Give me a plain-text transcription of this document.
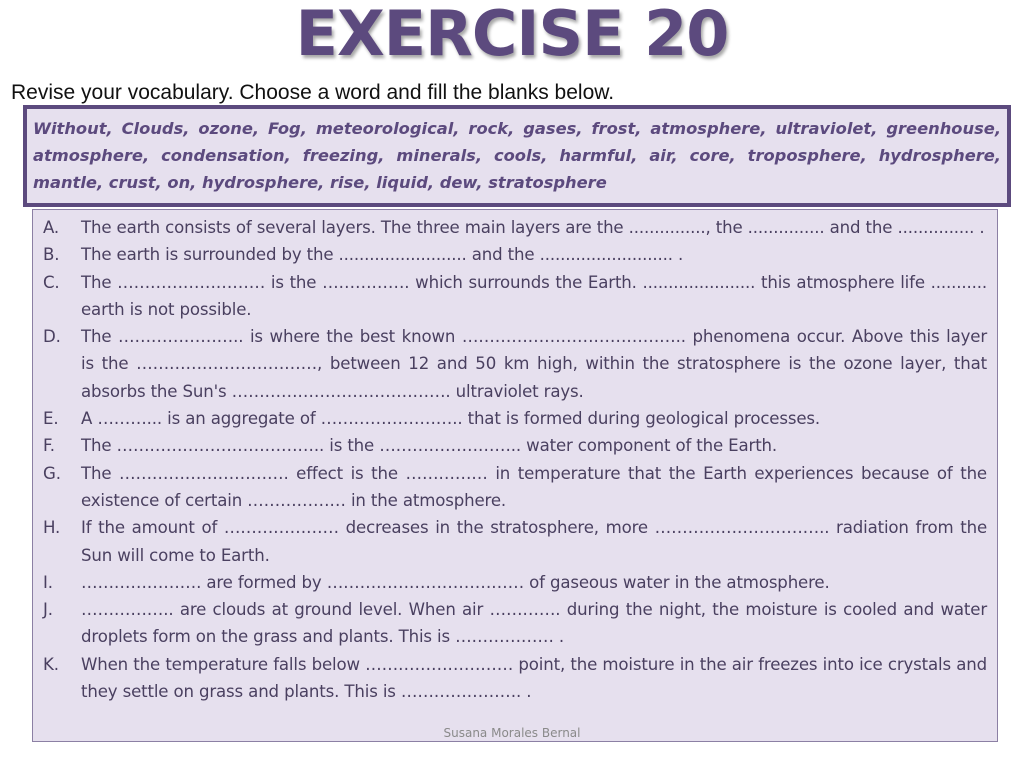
EXERCISE 20
Revise your vocabulary. Choose a word and fill the blanks below.

Without, Clouds, ozone, Fog, meteorological, rock, gases, frost, atmosphere, ultraviolet, greenhouse, atmosphere, condensation, freezing, minerals, cools, harmful, air, core, troposphere, hydrosphere, mantle, crust, on, hydrosphere, rise, liquid, dew, stratosphere

A.	The earth consists of several layers. The three main layers are the ..............., the ............... and the ............... .
B.	The earth is surrounded by the ......................... and the .......................... .
C.	The ……………………… is the ……………. which surrounds the Earth. ...................... this atmosphere life ........... earth is not possible.
D.	The ………………….. is where the best known ………………………………….. phenomena occur. Above this layer is the ……………………………, between 12 and 50 km high, within the stratosphere is the ozone layer, that absorbs the Sun's …………………………………. ultraviolet rays.
E.	A ………... is an aggregate of …………………….. that is formed during geological processes.
F.	The ……………………………….. is the …………………….. water component of the Earth.
G.	The …………………………. effect is the …………… in temperature that the Earth experiences because of the existence of certain ……………… in the atmosphere.
H.	If the amount of ………………… decreases in the stratosphere, more ………………………….. radiation from the Sun will come to Earth.
I.	…………………. are formed by ……………………………… of gaseous water in the atmosphere.
J.	…………….. are clouds at ground level. When air …………. during the night, the moisture is cooled and water droplets form on the grass and plants. This is ……………… .
K.	When the temperature falls below ……………………… point, the moisture in the air freezes into ice crystals and they settle on grass and plants. This is …………………. .
Susana Morales Bernal
